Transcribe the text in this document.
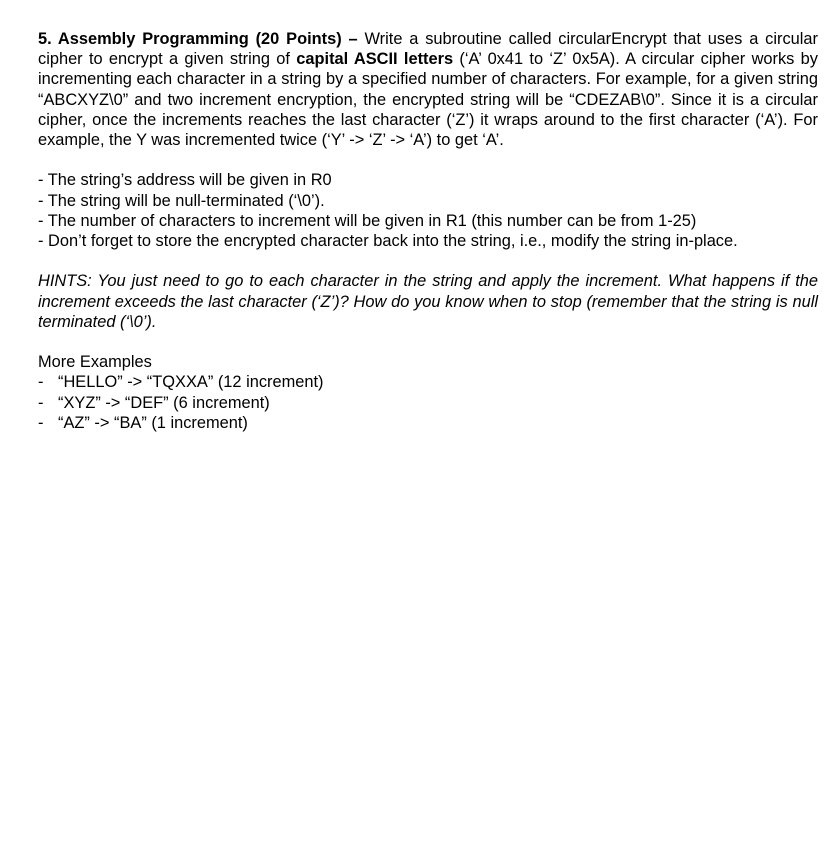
5. Assembly Programming (20 Points) – Write a subroutine called circularEncrypt that uses a circular cipher to encrypt a given string of capital ASCII letters (‘A’ 0x41 to ‘Z’ 0x5A). A circular cipher works by incrementing each character in a string by a specified number of characters. For example, for a given string “ABCXYZ\0” and two increment encryption, the encrypted string will be “CDEZAB\0”. Since it is a circular cipher, once the increments reaches the last character (‘Z’) it wraps around to the first character (‘A’). For example, the Y was incremented twice (‘Y’ -> ‘Z’ -> ‘A’) to get ‘A’.

- The string’s address will be given in R0
- The string will be null-terminated (‘\0’).
- The number of characters to increment will be given in R1 (this number can be from 1-25)
- Don’t forget to store the encrypted character back into the string, i.e., modify the string in-place.

HINTS: You just need to go to each character in the string and apply the increment. What happens if the increment exceeds the last character (‘Z’)? How do you know when to stop (remember that the string is null terminated (‘\0’).

More Examples

- “HELLO” -> “TQXXA” (12 increment)
- “XYZ” -> “DEF” (6 increment)
- “AZ” -> “BA” (1 increment)
